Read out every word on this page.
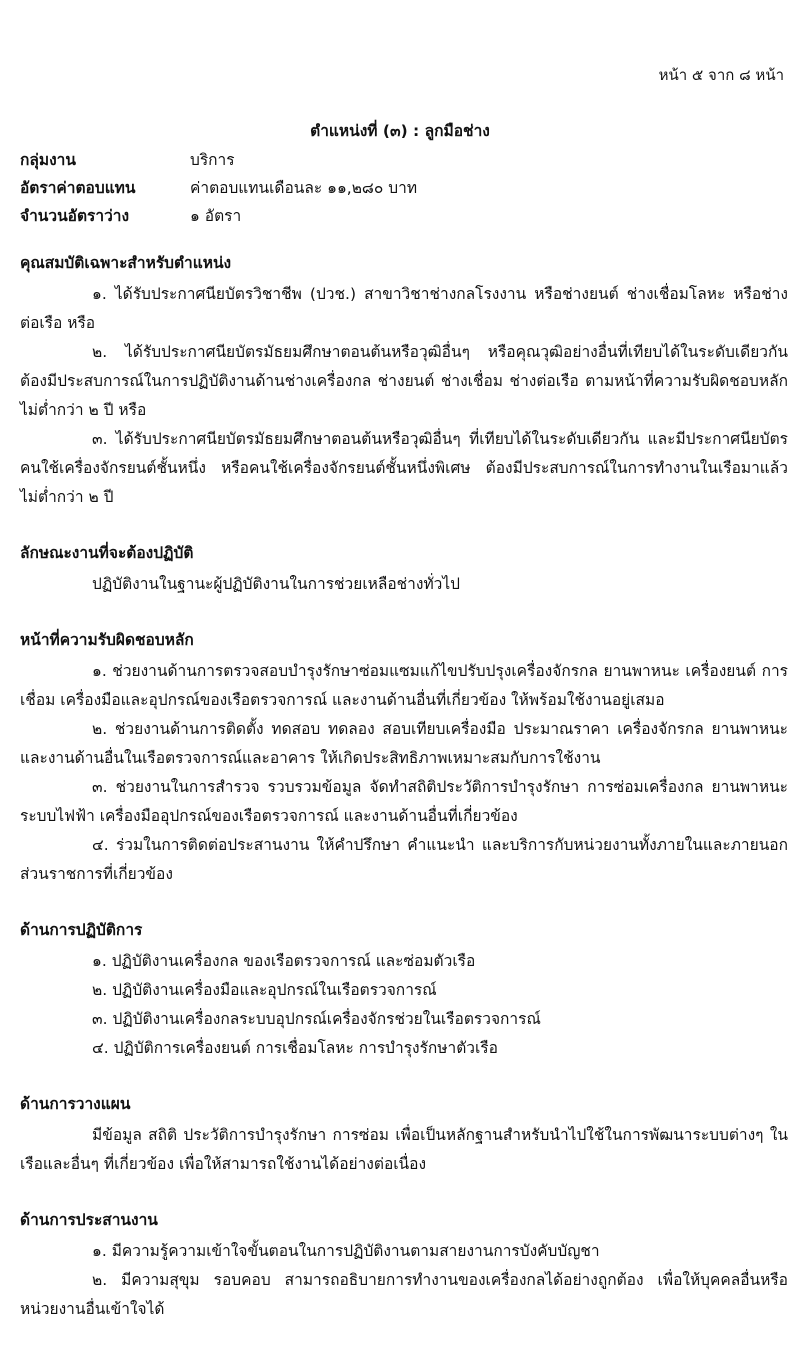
หน้า ๕ จาก ๘ หน้า
ตำแหน่งที่ (๓) : ลูกมือช่าง
กลุ่มงาน	บริการ
อัตราค่าตอบแทน	ค่าตอบแทนเดือนละ ๑๑,๒๘๐ บาท
จำนวนอัตราว่าง	๑ อัตรา

คุณสมบัติเฉพาะสำหรับตำแหน่ง

๑. ได้รับประกาศนียบัตรวิชาชีพ (ปวช.) สาขาวิชาช่างกลโรงงาน หรือช่างยนต์ ช่างเชื่อมโลหะ หรือช่างต่อเรือ หรือ

๒. ได้รับประกาศนียบัตรมัธยมศึกษาตอนต้นหรือวุฒิอื่นๆ หรือคุณวุฒิอย่างอื่นที่เทียบได้ในระดับเดียวกัน ต้องมีประสบการณ์ในการปฏิบัติงานด้านช่างเครื่องกล ช่างยนต์ ช่างเชื่อม ช่างต่อเรือ ตามหน้าที่ความรับผิดชอบหลัก ไม่ต่ำกว่า ๒ ปี หรือ

๓. ได้รับประกาศนียบัตรมัธยมศึกษาตอนต้นหรือวุฒิอื่นๆ ที่เทียบได้ในระดับเดียวกัน และมีประกาศนียบัตรคนใช้เครื่องจักรยนต์ชั้นหนึ่ง หรือคนใช้เครื่องจักรยนต์ชั้นหนึ่งพิเศษ ต้องมีประสบการณ์ในการทำงานในเรือมาแล้ว ไม่ต่ำกว่า ๒ ปี

ลักษณะงานที่จะต้องปฏิบัติ

ปฏิบัติงานในฐานะผู้ปฏิบัติงานในการช่วยเหลือช่างทั่วไป

หน้าที่ความรับผิดชอบหลัก

๑. ช่วยงานด้านการตรวจสอบบำรุงรักษาซ่อมแซมแก้ไขปรับปรุงเครื่องจักรกล ยานพาหนะ เครื่องยนต์ การเชื่อม เครื่องมือและอุปกรณ์ของเรือตรวจการณ์ และงานด้านอื่นที่เกี่ยวข้อง ให้พร้อมใช้งานอยู่เสมอ

๒. ช่วยงานด้านการติดตั้ง ทดสอบ ทดลอง สอบเทียบเครื่องมือ ประมาณราคา เครื่องจักรกล ยานพาหนะ และงานด้านอื่นในเรือตรวจการณ์และอาคาร ให้เกิดประสิทธิภาพเหมาะสมกับการใช้งาน

๓. ช่วยงานในการสำรวจ รวบรวมข้อมูล จัดทำสถิติประวัติการบำรุงรักษา การซ่อมเครื่องกล ยานพาหนะ ระบบไฟฟ้า เครื่องมืออุปกรณ์ของเรือตรวจการณ์ และงานด้านอื่นที่เกี่ยวข้อง

๔. ร่วมในการติดต่อประสานงาน ให้คำปรึกษา คำแนะนำ และบริการกับหน่วยงานทั้งภายในและภายนอกส่วนราชการที่เกี่ยวข้อง

ด้านการปฏิบัติการ

๑. ปฏิบัติงานเครื่องกล ของเรือตรวจการณ์ และซ่อมตัวเรือ

๒. ปฏิบัติงานเครื่องมือและอุปกรณ์ในเรือตรวจการณ์

๓. ปฏิบัติงานเครื่องกลระบบอุปกรณ์เครื่องจักรช่วยในเรือตรวจการณ์

๔. ปฏิบัติการเครื่องยนต์ การเชื่อมโลหะ การบำรุงรักษาตัวเรือ

ด้านการวางแผน

มีข้อมูล สถิติ ประวัติการบำรุงรักษา การซ่อม เพื่อเป็นหลักฐานสำหรับนำไปใช้ในการพัฒนาระบบต่างๆ ในเรือและอื่นๆ ที่เกี่ยวข้อง เพื่อให้สามารถใช้งานได้อย่างต่อเนื่อง

ด้านการประสานงาน

๑. มีความรู้ความเข้าใจขั้นตอนในการปฏิบัติงานตามสายงานการบังคับบัญชา

๒. มีความสุขุม รอบคอบ สามารถอธิบายการทำงานของเครื่องกลได้อย่างถูกต้อง เพื่อให้บุคคลอื่นหรือหน่วยงานอื่นเข้าใจได้
